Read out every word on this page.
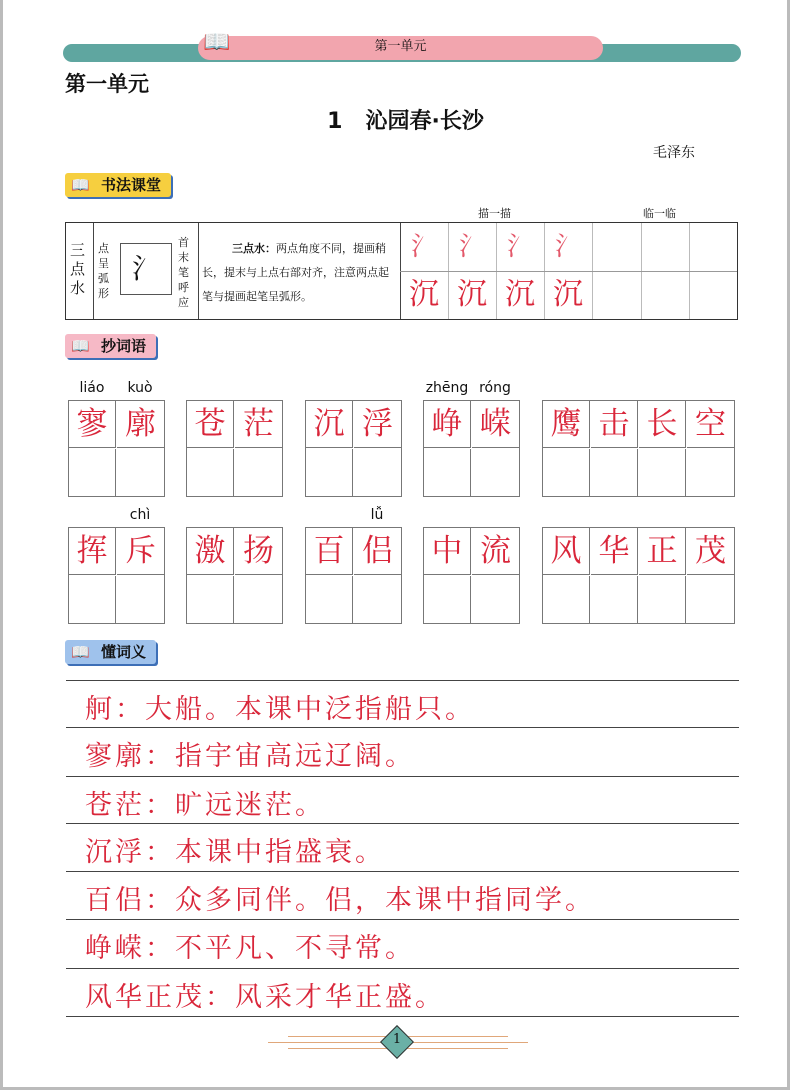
第一单元
📖
第一单元
1 沁园春·长沙
毛泽东
📖 书法课堂
描一描	临一临
三点水
点呈弧形
氵
首末笔呼应
三点水：两点角度不同，提画稍长，提末与上点右部对齐，注意两点起笔与提画起笔呈弧形。
氵 氵 氵 氵
沉 沉 沉 沉
📖 抄词语
liáo	kuò
寥 廓 苍 茫 沉 浮
zhēng róng
峥 嵘 鹰 击 长 空
chì
挥 斥 激 扬
lǚ
百 侣 中 流 风 华 正 茂
📖 懂词义
舸：大船。本课中泛指船只。
寥廓：指宇宙高远辽阔。
苍茫：旷远迷茫。
沉浮：本课中指盛衰。
百侣：众多同伴。侣，本课中指同学。
峥嵘：不平凡、不寻常。
风华正茂：风采才华正盛。
1
